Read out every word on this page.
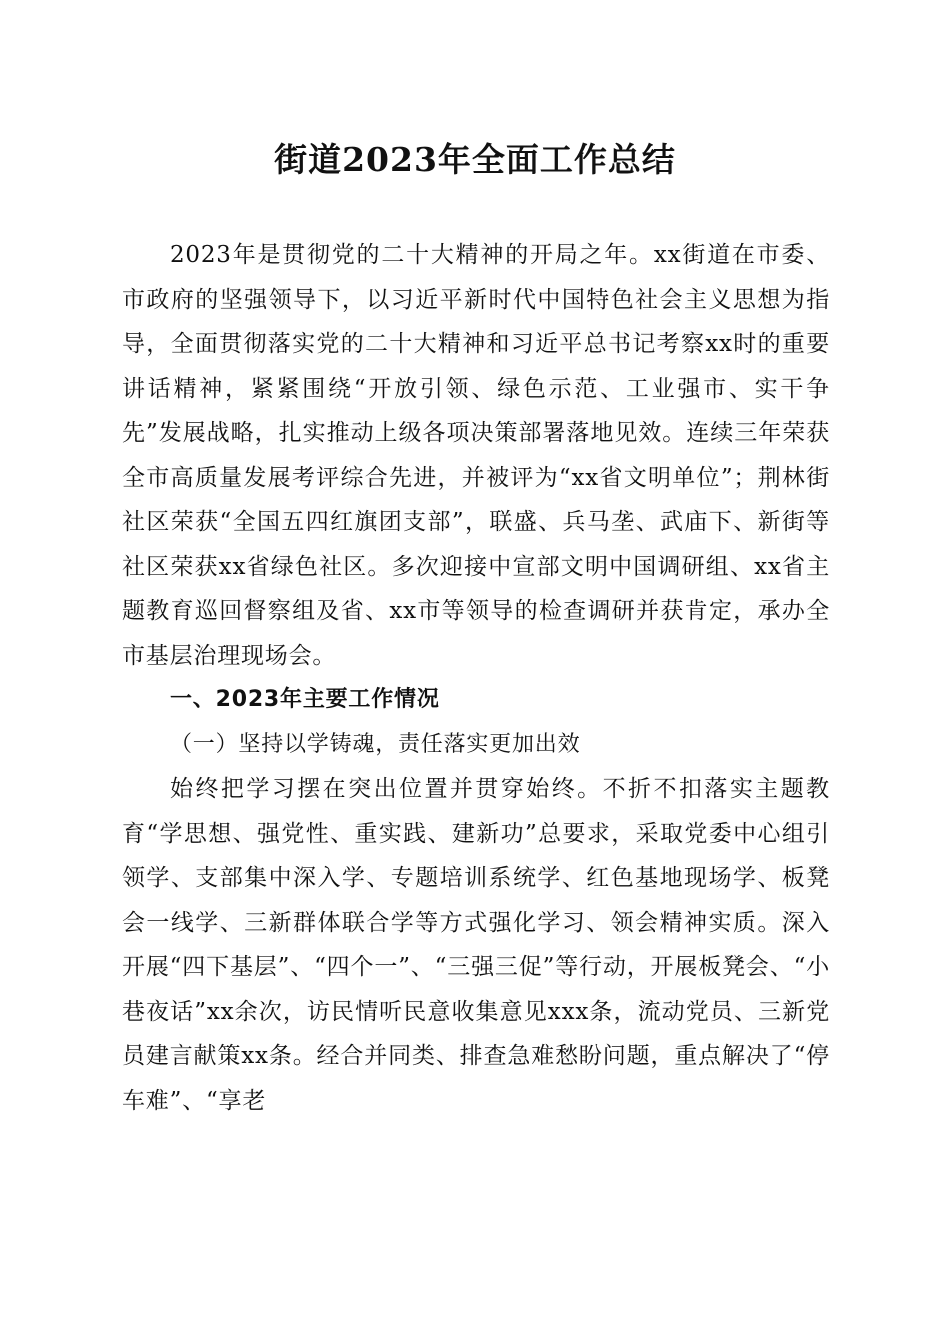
街道2023年全面工作总结

2023年是贯彻党的二十大精神的开局之年。xx街道在市委、市政府的坚强领导下，以习近平新时代中国特色社会主义思想为指导，全面贯彻落实党的二十大精神和习近平总书记考察xx时的重要讲话精神，紧紧围绕“开放引领、绿色示范、工业强市、实干争先”发展战略，扎实推动上级各项决策部署落地见效。连续三年荣获全市高质量发展考评综合先进，并被评为“xx省文明单位”；荆林街社区荣获“全国五四红旗团支部”，联盛、兵马垄、武庙下、新街等社区荣获xx省绿色社区。多次迎接中宣部文明中国调研组、xx省主题教育巡回督察组及省、xx市等领导的检查调研并获肯定，承办全市基层治理现场会。

一、2023年主要工作情况

（一）坚持以学铸魂，责任落实更加出效

始终把学习摆在突出位置并贯穿始终。不折不扣落实主题教育“学思想、强党性、重实践、建新功”总要求，采取党委中心组引领学、支部集中深入学、专题培训系统学、红色基地现场学、板凳会一线学、三新群体联合学等方式强化学习、领会精神实质。深入开展“四下基层”、“四个一”、“三强三促”等行动，开展板凳会、“小巷夜话”xx余次，访民情听民意收集意见xxx条，流动党员、三新党员建言献策xx条。经合并同类、排查急难愁盼问题，重点解决了“停车难”、“享老
